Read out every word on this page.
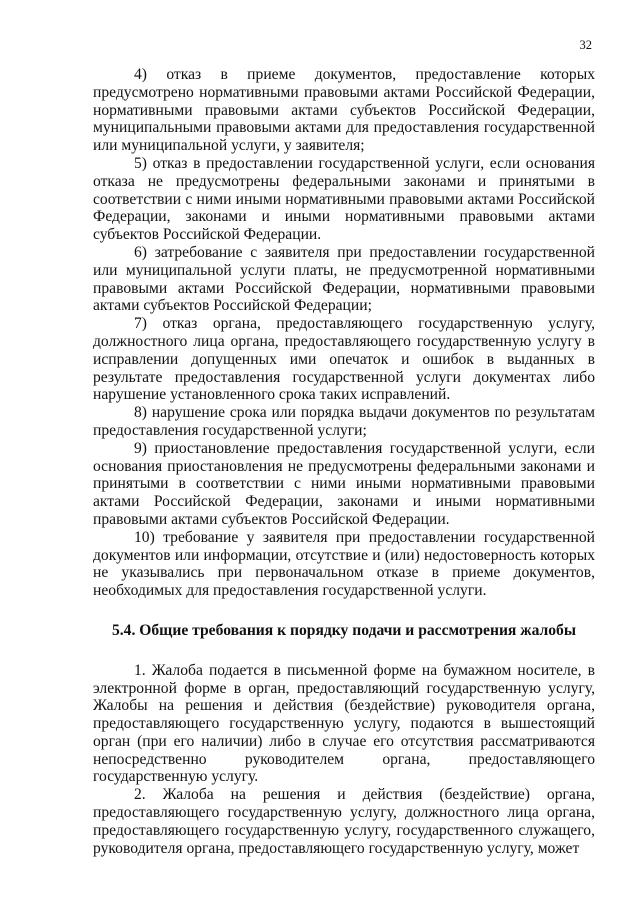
32

4) отказ в приеме документов, предоставление которых предусмотрено нормативными правовыми актами Российской Федерации, нормативными правовыми актами субъектов Российской Федерации, муниципальными правовыми актами для предоставления государственной или муниципальной услуги, у заявителя;

5) отказ в предоставлении государственной услуги, если основания отказа не предусмотрены федеральными законами и принятыми в соответствии с ними иными нормативными правовыми актами Российской Федерации, законами и иными нормативными правовыми актами субъектов Российской Федерации.

6) затребование с заявителя при предоставлении государственной или муниципальной услуги платы, не предусмотренной нормативными правовыми актами Российской Федерации, нормативными правовыми актами субъектов Российской Федерации;

7) отказ органа, предоставляющего государственную услугу, должностного лица органа, предоставляющего государственную услугу в исправлении допущенных ими опечаток и ошибок в выданных в результате предоставления государственной услуги документах либо нарушение установленного срока таких исправлений.

8) нарушение срока или порядка выдачи документов по результатам предоставления государственной услуги;

9) приостановление предоставления государственной услуги, если основания приостановления не предусмотрены федеральными законами и принятыми в соответствии с ними иными нормативными правовыми актами Российской Федерации, законами и иными нормативными правовыми актами субъектов Российской Федерации.

10) требование у заявителя при предоставлении государственной документов или информации, отсутствие и (или) недостоверность которых не указывались при первоначальном отказе в приеме документов, необходимых для предоставления государственной услуги.

5.4. Общие требования к порядку подачи и рассмотрения жалобы

1. Жалоба подается в письменной форме на бумажном носителе, в электронной форме в орган, предоставляющий государственную услугу, Жалобы на решения и действия (бездействие) руководителя органа, предоставляющего государственную услугу, подаются в вышестоящий орган (при его наличии) либо в случае его отсутствия рассматриваются непосредственно руководителем органа, предоставляющего государственную услугу.

2. Жалоба на решения и действия (бездействие) органа, предоставляющего государственную услугу, должностного лица органа, предоставляющего государственную услугу, государственного служащего, руководителя органа, предоставляющего государственную услугу, может
